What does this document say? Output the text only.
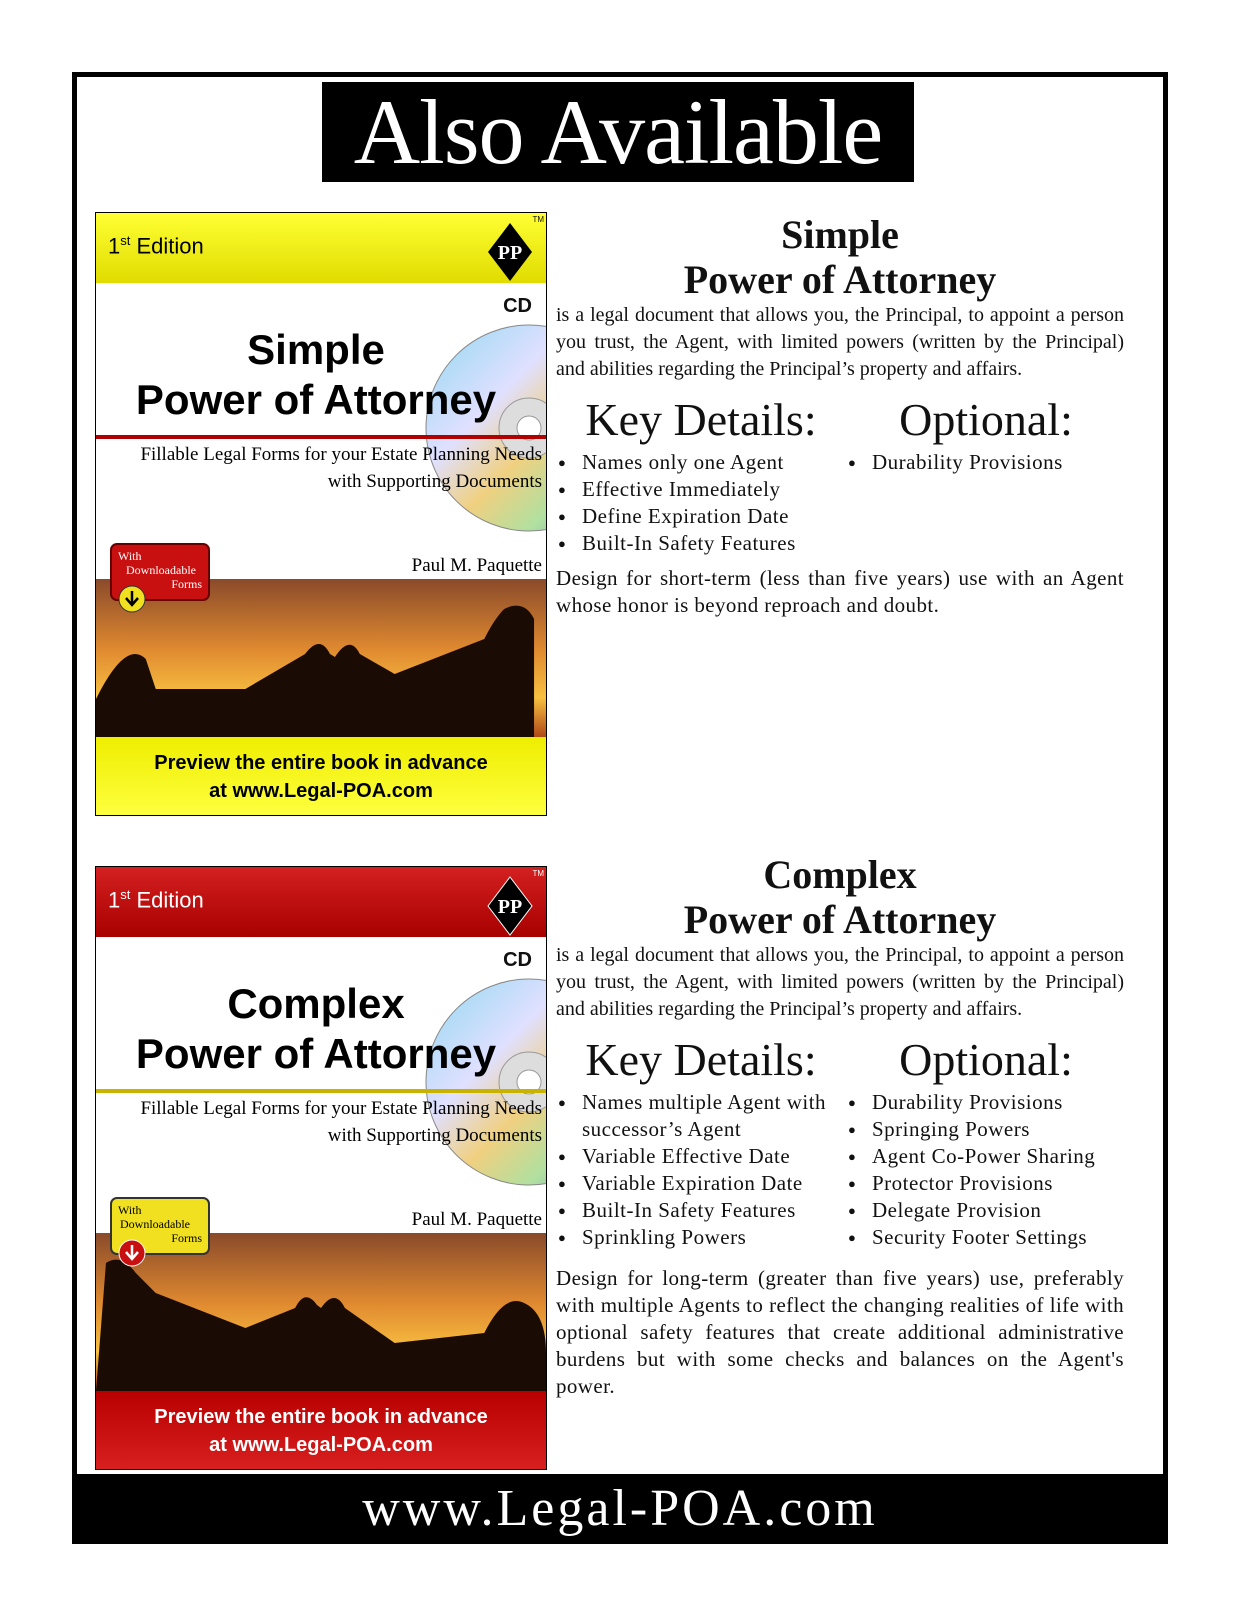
Also Available
1st Edition	PP
TM
CD
Simple
Power of Attorney
Fillable Legal Forms for your Estate Planning Needs
with Supporting Documents
With
Downloadable
Forms
Paul M. Paquette
Preview the entire book in advance
at www.Legal-POA.com
Simple
Power of Attorney
is a legal document that allows you, the Principal, to appoint a person you trust, the Agent, with limited powers (written by the Principal) and abilities regarding the Principal’s property and affairs.
Key Details:
● Names only one Agent
● Effective Immediately
● Define Expiration Date
● Built-In Safety Features
Optional:
● Durability Provisions
Design for short-term (less than five years) use with an Agent whose honor is beyond reproach and doubt.
1st Edition	PP
TM
CD
Complex
Power of Attorney
Fillable Legal Forms for your Estate Planning Needs
with Supporting Documents
With
Downloadable
Forms
Paul M. Paquette
Preview the entire book in advance
at www.Legal-POA.com
Complex
Power of Attorney
is a legal document that allows you, the Principal, to appoint a person you trust, the Agent, with limited powers (written by the Principal) and abilities regarding the Principal’s property and affairs.
Key Details:
● Names multiple Agent with successor’s Agent
● Variable Effective Date
● Variable Expiration Date
● Built-In Safety Features
● Sprinkling Powers
Optional:
● Durability Provisions
● Springing Powers
● Agent Co-Power Sharing
● Protector Provisions
● Delegate Provision
● Security Footer Settings
Design for long-term (greater than five years) use, preferably with multiple Agents to reflect the changing realities of life with optional safety features that create additional administrative burdens but with some checks and balances on the Agent's power.
www.Legal-POA.com
